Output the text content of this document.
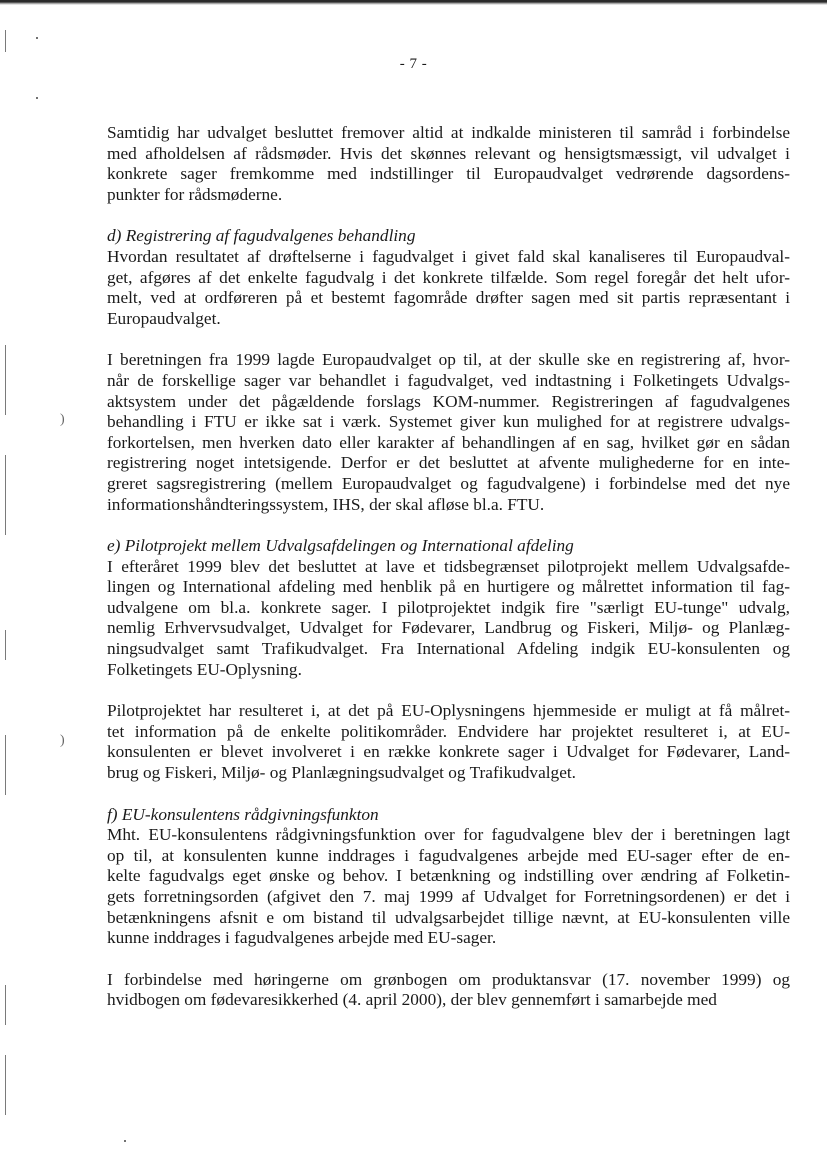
)
)
- 7 -
Samtidig har udvalget besluttet fremover altid at indkalde ministeren til samråd i forbindelse
med afholdelsen af rådsmøder. Hvis det skønnes relevant og hensigtsmæssigt, vil udvalget i
konkrete sager fremkomme med indstillinger til Europaudvalget vedrørende dagsordens-
punkter for rådsmøderne.
d) Registrering af fagudvalgenes behandling
Hvordan resultatet af drøftelserne i fagudvalget i givet fald skal kanaliseres til Europaudval-
get, afgøres af det enkelte fagudvalg i det konkrete tilfælde. Som regel foregår det helt ufor-
melt, ved at ordføreren på et bestemt fagområde drøfter sagen med sit partis repræsentant i
Europaudvalget.
I beretningen fra 1999 lagde Europaudvalget op til, at der skulle ske en registrering af, hvor-
når de forskellige sager var behandlet i fagudvalget, ved indtastning i Folketingets Udvalgs-
aktsystem under det pågældende forslags KOM-nummer. Registreringen af fagudvalgenes
behandling i FTU er ikke sat i værk. Systemet giver kun mulighed for at registrere udvalgs-
forkortelsen, men hverken dato eller karakter af behandlingen af en sag, hvilket gør en sådan
registrering noget intetsigende. Derfor er det besluttet at afvente mulighederne for en inte-
greret sagsregistrering (mellem Europaudvalget og fagudvalgene) i forbindelse med det nye
informationshåndteringssystem, IHS, der skal afløse bl.a. FTU.
e) Pilotprojekt mellem Udvalgsafdelingen og International afdeling
I efteråret 1999 blev det besluttet at lave et tidsbegrænset pilotprojekt mellem Udvalgsafde-
lingen og International afdeling med henblik på en hurtigere og målrettet information til fag-
udvalgene om bl.a. konkrete sager. I pilotprojektet indgik fire "særligt EU-tunge" udvalg,
nemlig Erhvervsudvalget, Udvalget for Fødevarer, Landbrug og Fiskeri, Miljø- og Planlæg-
ningsudvalget samt Trafikudvalget. Fra International Afdeling indgik EU-konsulenten og
Folketingets EU-Oplysning.
Pilotprojektet har resulteret i, at det på EU-Oplysningens hjemmeside er muligt at få målret-
tet information på de enkelte politikområder. Endvidere har projektet resulteret i, at EU-
konsulenten er blevet involveret i en række konkrete sager i Udvalget for Fødevarer, Land-
brug og Fiskeri, Miljø- og Planlægningsudvalget og Trafikudvalget.
f) EU-konsulentens rådgivningsfunkton
Mht. EU-konsulentens rådgivningsfunktion over for fagudvalgene blev der i beretningen lagt
op til, at konsulenten kunne inddrages i fagudvalgenes arbejde med EU-sager efter de en-
kelte fagudvalgs eget ønske og behov. I betænkning og indstilling over ændring af Folketin-
gets forretningsorden (afgivet den 7. maj 1999 af Udvalget for Forretningsordenen) er det i
betænkningens afsnit e om bistand til udvalgsarbejdet tillige nævnt, at EU-konsulenten ville
kunne inddrages i fagudvalgenes arbejde med EU-sager.
I forbindelse med høringerne om grønbogen om produktansvar (17. november 1999) og
hvidbogen om fødevaresikkerhed (4. april 2000), der blev gennemført i samarbejde med
